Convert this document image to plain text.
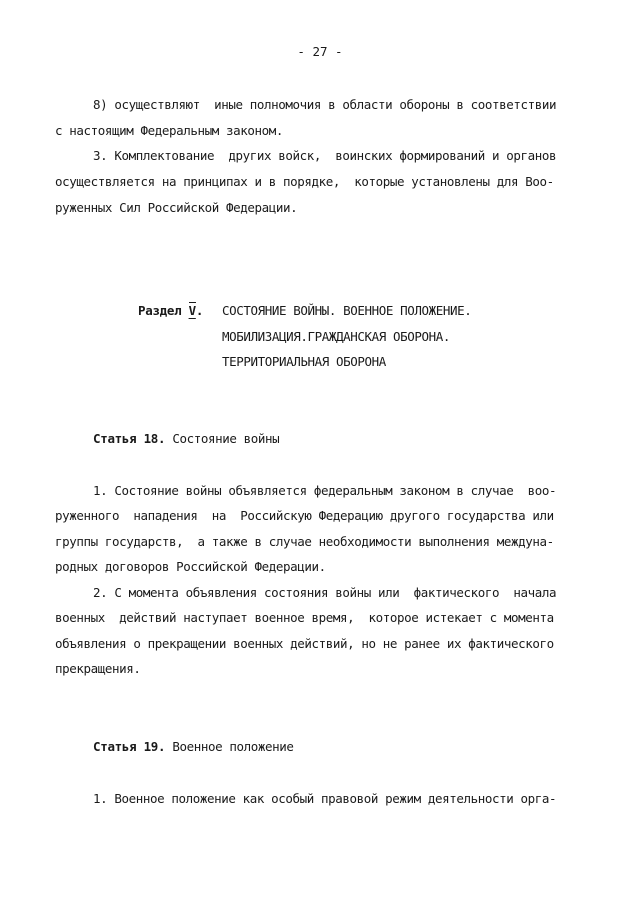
- 27 -
8) осуществляют  иные полномочия в области обороны в соответствии
с настоящим Федеральным законом.
3. Комплектование  других войск,  воинских формирований и органов
осуществляется на принципах и в порядке,  которые установлены для Воо-
руженных Сил Российской Федерации.
Раздел V. СОСТОЯНИЕ ВОЙНЫ. ВОЕННОЕ ПОЛОЖЕНИЕ.
МОБИЛИЗАЦИЯ.ГРАЖДАНСКАЯ ОБОРОНА.
ТЕРРИТОРИАЛЬНАЯ ОБОРОНА
Статья 18. Состояние войны
1. Состояние войны объявляется федеральным законом в случае  воо-
руженного  нападения  на  Российскую Федерацию другого государства или
группы государств,  а также в случае необходимости выполнения междуна-
родных договоров Российской Федерации.
2. С момента объявления состояния войны или  фактического  начала
военных  действий наступает военное время,  которое истекает с момента
объявления о прекращении военных действий, но не ранее их фактического
прекращения.
Статья 19. Военное положение
1. Военное положение как особый правовой режим деятельности орга-
